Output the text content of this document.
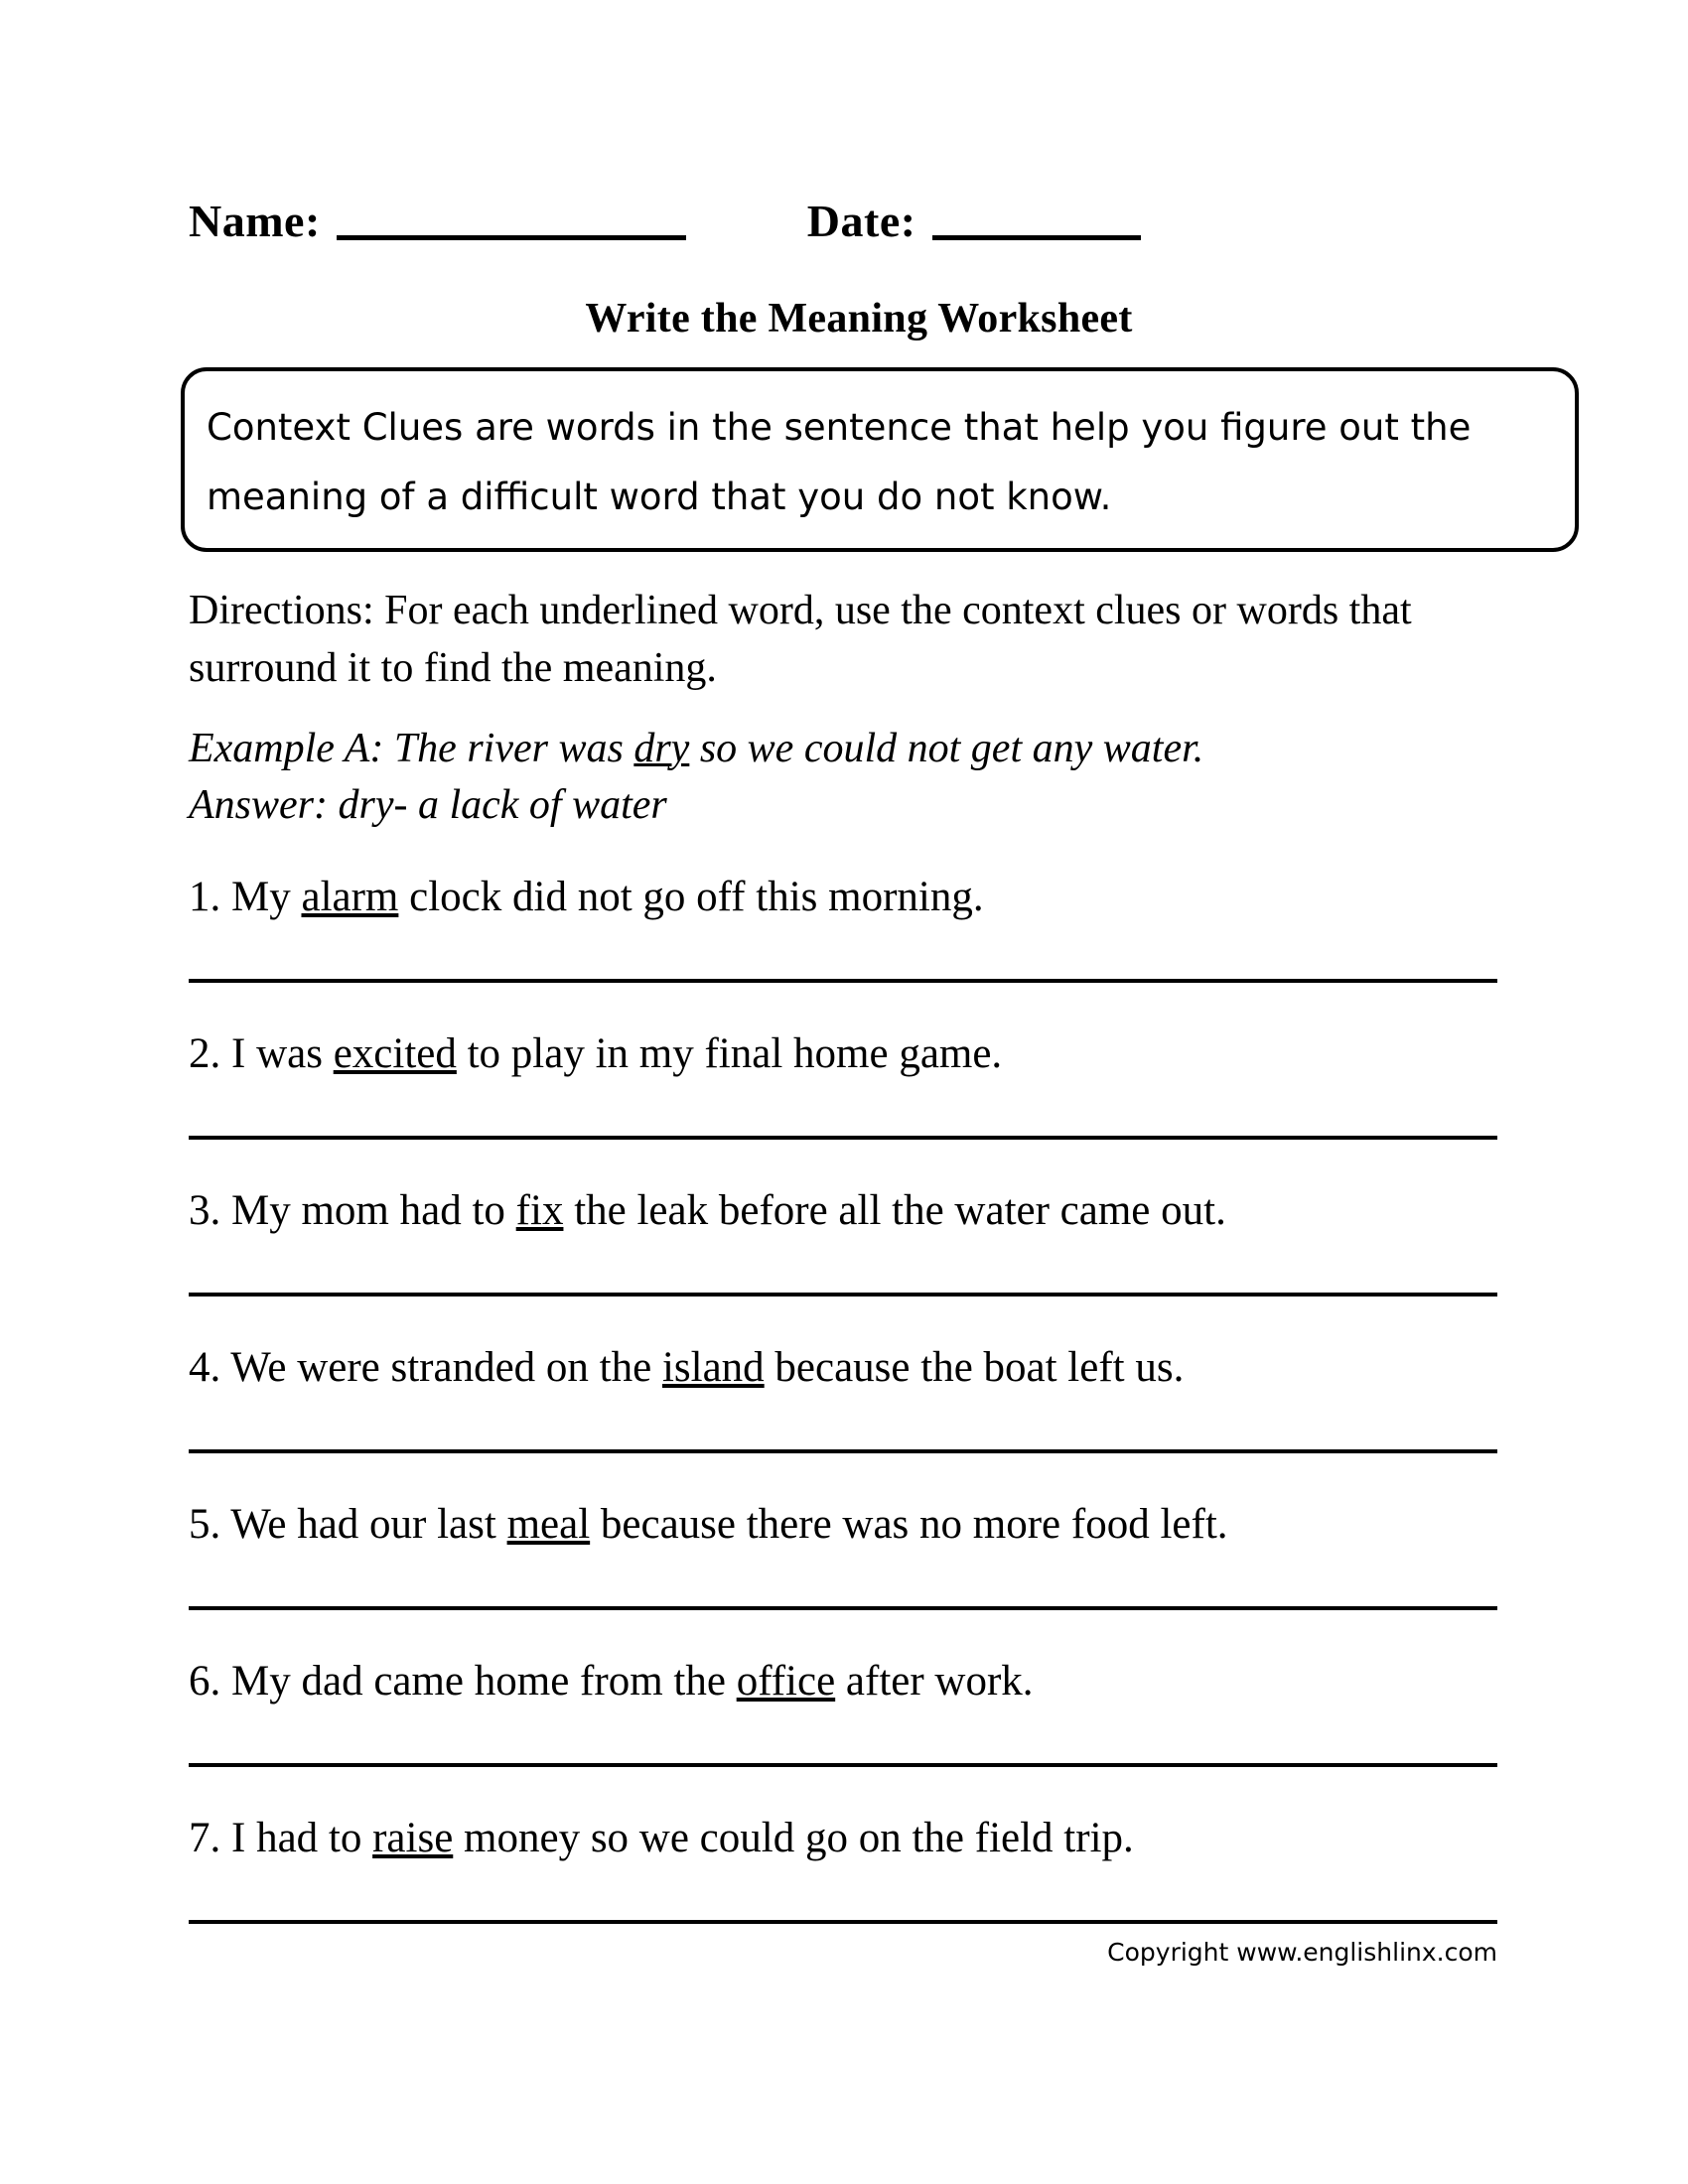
Name:	Date:
Write the Meaning Worksheet
Context Clues are words in the sentence that help you figure out the meaning of a difficult word that you do not know.
Directions: For each underlined word, use the context clues or words that surround it to find the meaning.
Example A: The river was dry so we could not get any water.
Answer: dry- a lack of water
1. My alarm clock did not go off this morning.
2. I was excited to play in my final home game.
3. My mom had to fix the leak before all the water came out.
4. We were stranded on the island because the boat left us.
5. We had our last meal because there was no more food left.
6. My dad came home from the office after work.
7. I had to raise money so we could go on the field trip.
Copyright www.englishlinx.com
